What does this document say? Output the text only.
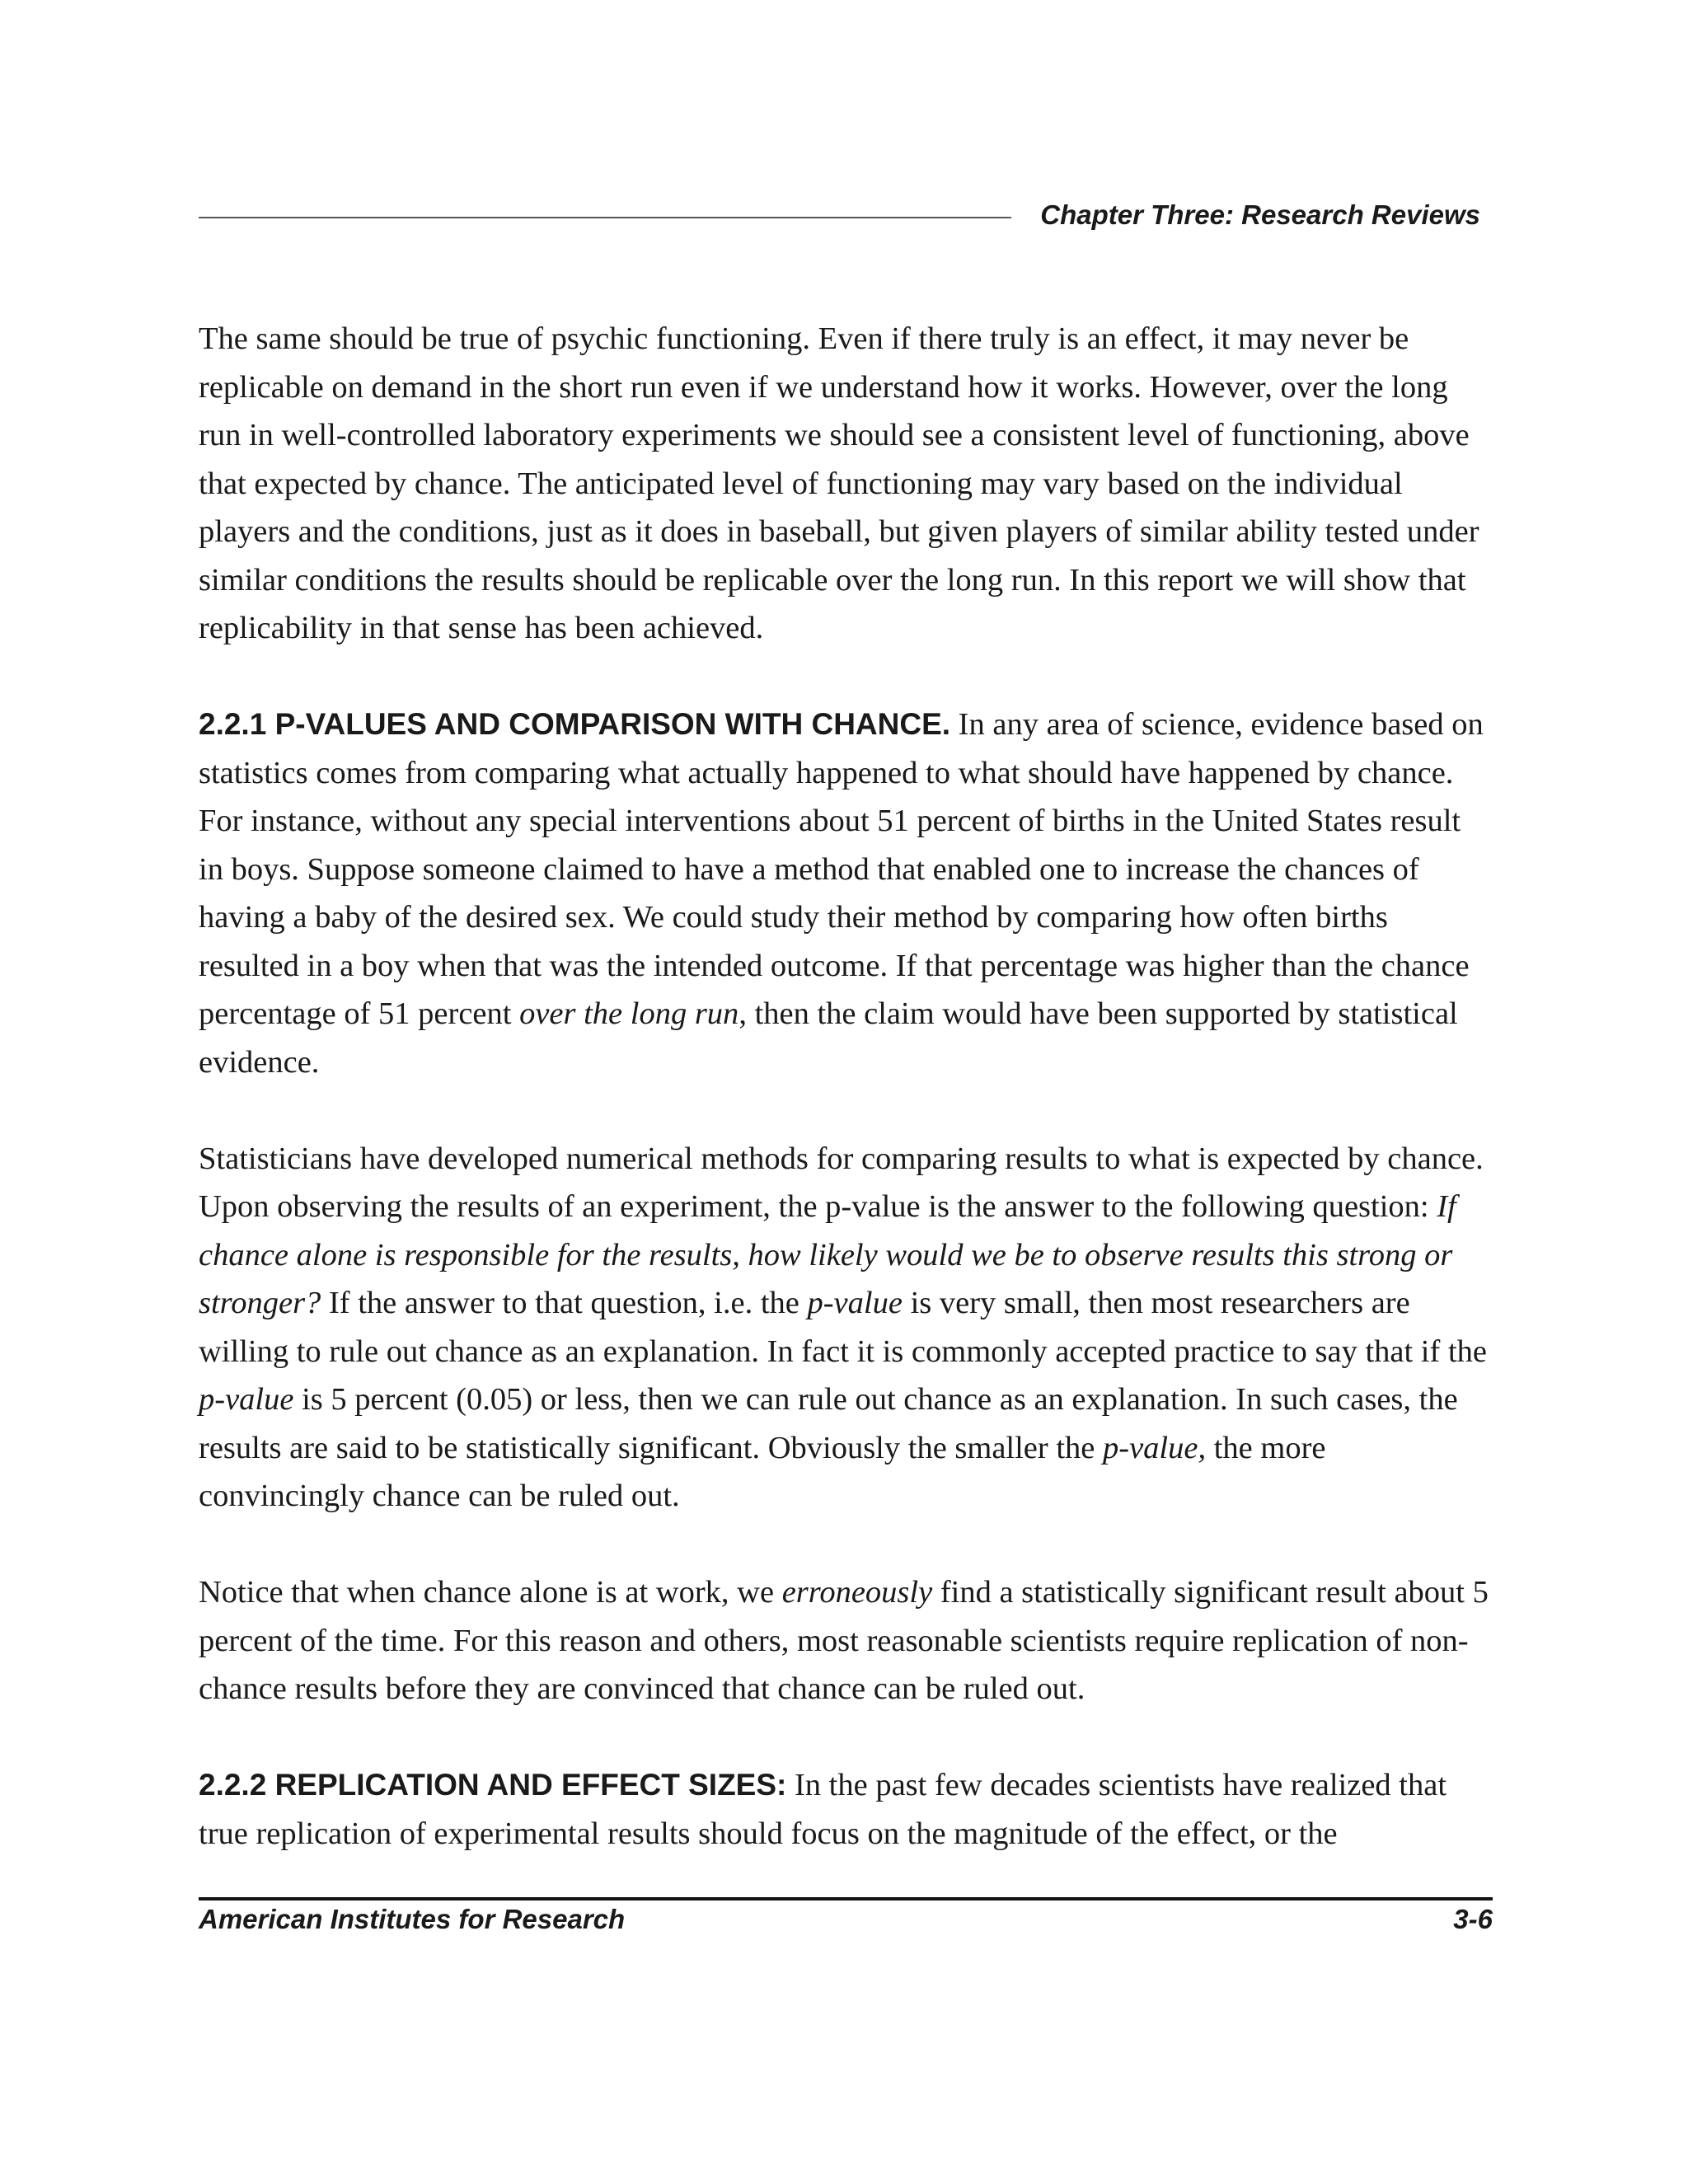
Chapter Three: Research Reviews

The same should be true of psychic functioning. Even if there truly is an effect, it may never be replicable on demand in the short run even if we understand how it works. However, over the long run in well-controlled laboratory experiments we should see a consistent level of functioning, above that expected by chance. The anticipated level of functioning may vary based on the individual players and the conditions, just as it does in baseball, but given players of similar ability tested under similar conditions the results should be replicable over the long run. In this report we will show that replicability in that sense has been achieved.

2.2.1 P-VALUES AND COMPARISON WITH CHANCE. In any area of science, evidence based on statistics comes from comparing what actually happened to what should have happened by chance. For instance, without any special interventions about 51 percent of births in the United States result in boys. Suppose someone claimed to have a method that enabled one to increase the chances of having a baby of the desired sex. We could study their method by comparing how often births resulted in a boy when that was the intended outcome. If that percentage was higher than the chance percentage of 51 percent over the long run, then the claim would have been supported by statistical evidence.

Statisticians have developed numerical methods for comparing results to what is expected by chance. Upon observing the results of an experiment, the p-value is the answer to the following question: If chance alone is responsible for the results, how likely would we be to observe results this strong or stronger? If the answer to that question, i.e. the p-value is very small, then most researchers are willing to rule out chance as an explanation. In fact it is commonly accepted practice to say that if the p-value is 5 percent (0.05) or less, then we can rule out chance as an explanation. In such cases, the results are said to be statistically significant. Obviously the smaller the p-value, the more convincingly chance can be ruled out.

Notice that when chance alone is at work, we erroneously find a statistically significant result about 5 percent of the time. For this reason and others, most reasonable scientists require replication of non-chance results before they are convinced that chance can be ruled out.

2.2.2 REPLICATION AND EFFECT SIZES: In the past few decades scientists have realized that true replication of experimental results should focus on the magnitude of the effect, or the

American Institutes for Research	3-6
